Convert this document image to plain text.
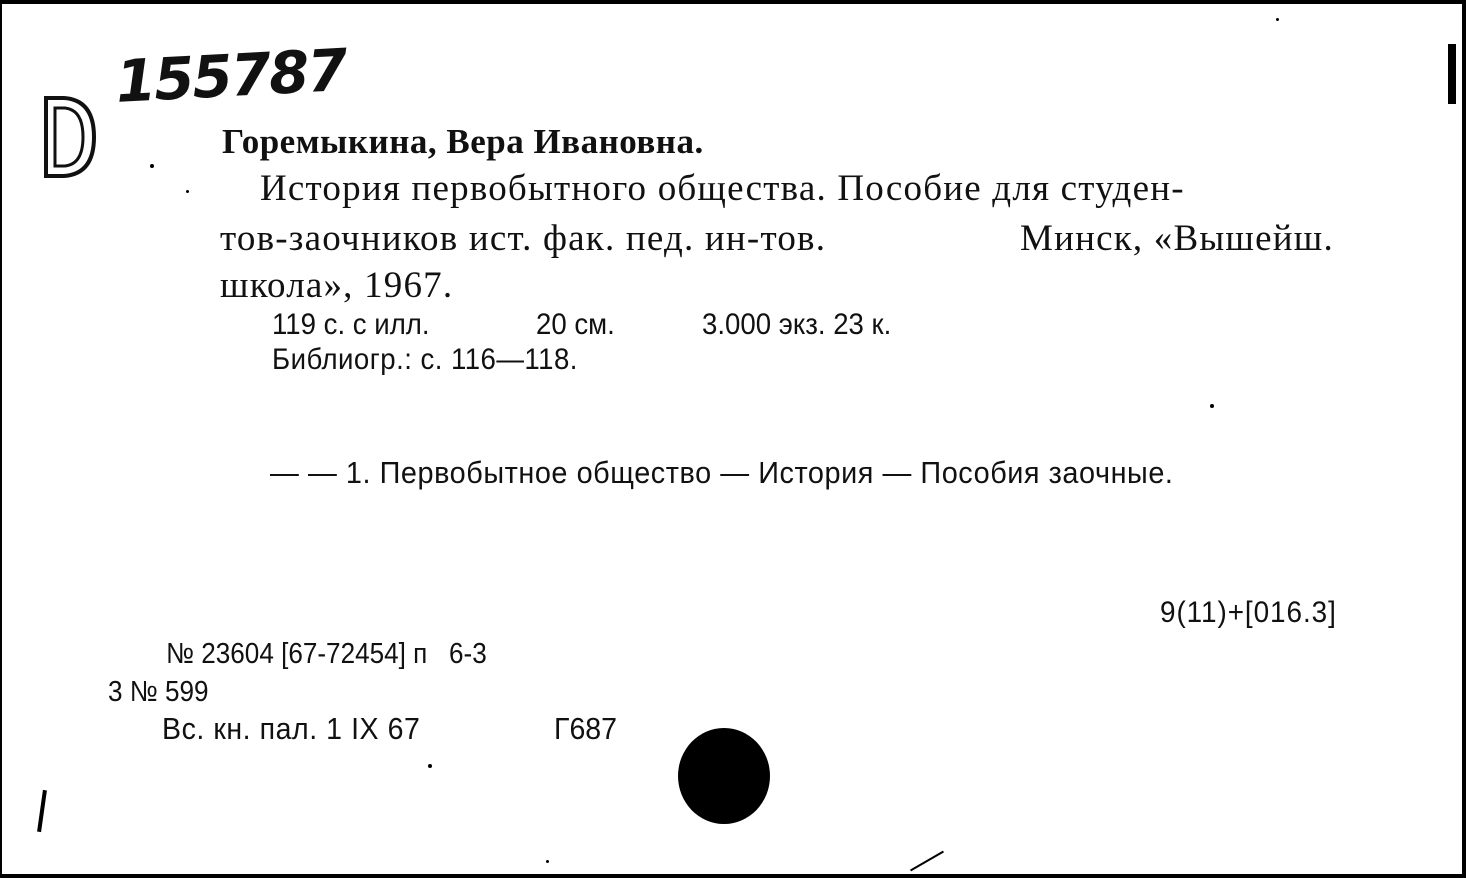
155787
Горемыкина, Вера Ивановна.
История первобытного общества. Пособие для студен-
тов-заочников ист. фак. пед. ин-тов.	Минск, «Вышейш.
школа», 1967.
119 с. с илл.	20 см.	3.000 экз. 23 к.
Библиогр.: с. 116—118.
— — 1. Первобытное общество — История — Пособия заочные.
9(11)+[016.3]
№ 23604 [67-72454] п   6-3
3 № 599
Вс. кн. пал. 1 IX 67	Г687
